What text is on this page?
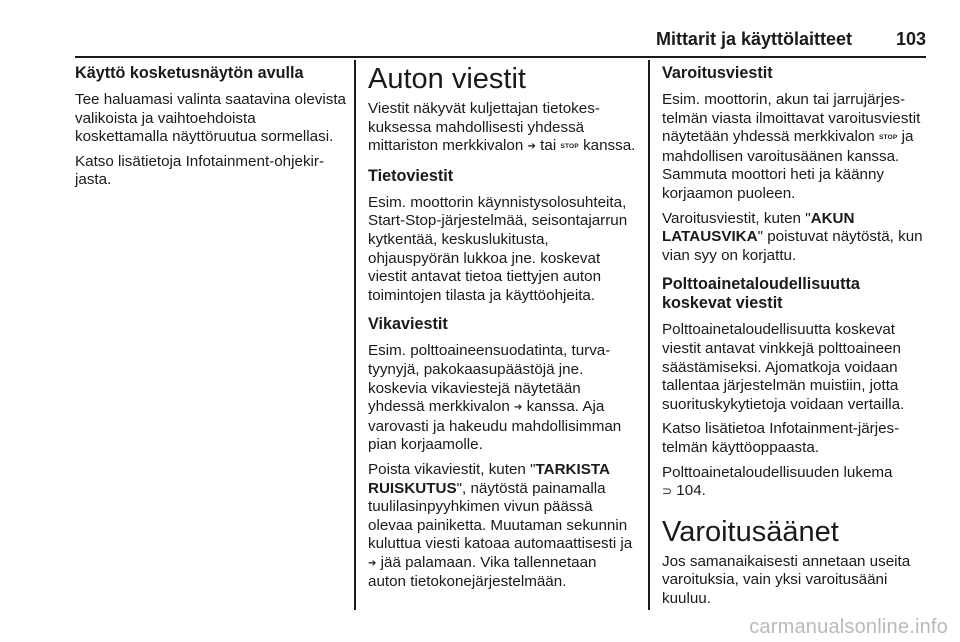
Mittarit ja käyttölaitteet 103
Käyttö kosketusnäytön avulla

Tee haluamasi valinta saatavina olevista valikoista ja vaihtoehdoista koskettamalla näyttöruutua sormellasi.

Katso lisätietoja Infotainment-ohjekirjasta.

Auton viestit

Viestit näkyvät kuljettajan tietokeskuksessa mahdollisesti yhdessä mittariston merkkivalon ➔ tai STOP kanssa.

Tietoviestit

Esim. moottorin käynnistysolosuhteita, Start-Stop-järjestelmää, seisontajarrun kytkentää, keskuslukitusta, ohjauspyörän lukkoa jne. koskevat viestit antavat tietoa tiettyjen auton toimintojen tilasta ja käyttöohjeita.

Vikaviestit

Esim. polttoaineensuodatinta, turvatyynyjä, pakokaasupäästöjä jne. koskevia vikaviestejä näytetään yhdessä merkkivalon ➔ kanssa. Aja varovasti ja hakeudu mahdollisimman pian korjaamolle.

Poista vikaviestit, kuten "TARKISTA RUISKUTUS", näytöstä painamalla tuulilasinpyyhkimen vivun päässä olevaa painiketta. Muutaman sekunnin kuluttua viesti katoaa automaattisesti ja ➔ jää palamaan. Vika tallennetaan auton tietokonejärjestelmään.

Varoitusviestit

Esim. moottorin, akun tai jarrujärjestelmän viasta ilmoittavat varoitusviestit näytetään yhdessä merkkivalon STOP ja mahdollisen varoitusäänen kanssa. Sammuta moottori heti ja käänny korjaamon puoleen.

Varoitusviestit, kuten "AKUN LATAUSVIKA" poistuvat näytöstä, kun vian syy on korjattu.

Polttoainetaloudellisuutta koskevat viestit

Polttoainetaloudellisuutta koskevat viestit antavat vinkkejä polttoaineen säästämiseksi. Ajomatkoja voidaan tallentaa järjestelmän muistiin, jotta suorituskykytietoja voidaan vertailla.

Katso lisätietoa Infotainment-järjestelmän käyttöoppaasta.

Polttoainetaloudellisuuden lukema
⊃ 104.

Varoitusäänet

Jos samanaikaisesti annetaan useita varoituksia, vain yksi varoitusääni kuuluu.

carmanualsonline.info
